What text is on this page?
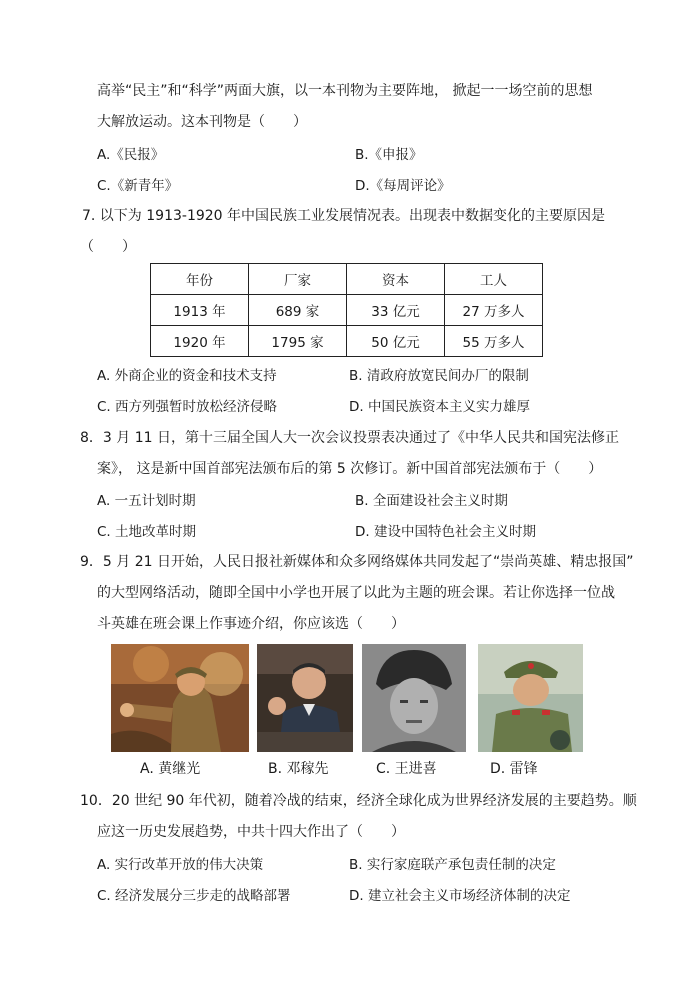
高举“民主”和“科学”两面大旗，以一本刊物为主要阵地， 掀起一一场空前的思想
大解放运动。这本刊物是（　　）
A.《民报》	B.《申报》
C.《新青年》	D.《每周评论》
7. 以下为 1913-1920 年中国民族工业发展情况表。出现表中数据变化的主要原因是
（　　）
年份	厂家	资本	工人
1913 年	689 家	33 亿元	27 万多人
1920 年	1795 家	50 亿元	55 万多人
A. 外商企业的资金和技术支持	B. 清政府放宽民间办厂的限制
C. 西方列强暂时放松经济侵略	D. 中国民族资本主义实力雄厚
8．3 月 11 日，第十三届全国人大一次会议投票表决通过了《中华人民共和国宪法修正
案》， 这是新中国首部宪法颁布后的第 5 次修订。新中国首部宪法颁布于（　　）
A. 一五计划时期	B. 全面建设社会主义时期
C. 土地改革时期	D. 建设中国特色社会主义时期
9．5 月 21 日开始，人民日报社新媒体和众多网络媒体共同发起了“崇尚英雄、精忠报国”
的大型网络活动，随即全国中小学也开展了以此为主题的班会课。若让你选择一位战
斗英雄在班会课上作事迹介绍，你应该选（　　）
A. 黄继光	B. 邓稼先	C. 王进喜	D. 雷锋
10．20 世纪 90 年代初，随着冷战的结束，经济全球化成为世界经济发展的主要趋势。顺
应这一历史发展趋势，中共十四大作出了（　　）
A. 实行改革开放的伟大决策	B. 实行家庭联产承包责任制的决定
C. 经济发展分三步走的战略部署	D. 建立社会主义市场经济体制的决定
